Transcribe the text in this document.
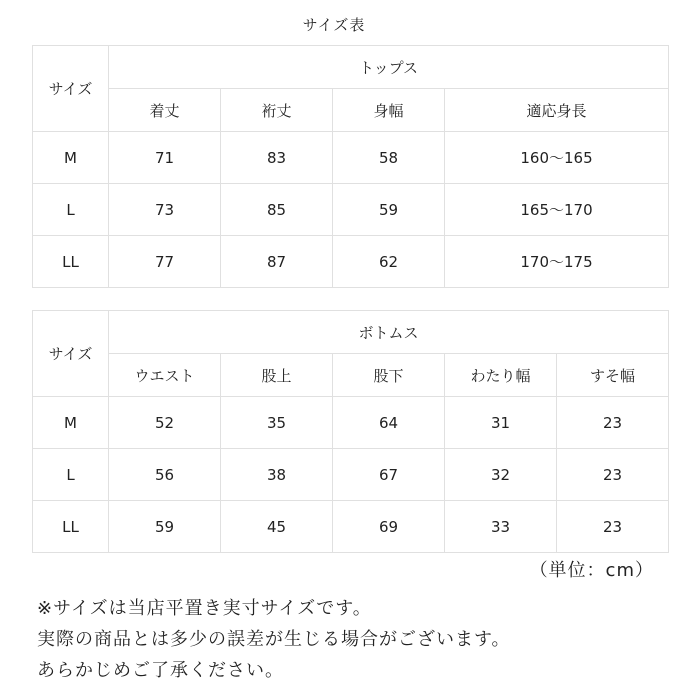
サイズ表
サイズ	トップス			
	着丈	裄丈	身幅	適応身長
M	71	83	58	160～165
L	73	85	59	165～170
LL	77	87	62	170～175
サイズ	ボトムス				
	ウエスト	股上	股下	わたり幅	すそ幅
M	52	35	64	31	23
L	56	38	67	32	23
LL	59	45	69	33	23
（単位：cm）
※サイズは当店平置き実寸サイズです。
実際の商品とは多少の誤差が生じる場合がございます。
あらかじめご了承ください。
